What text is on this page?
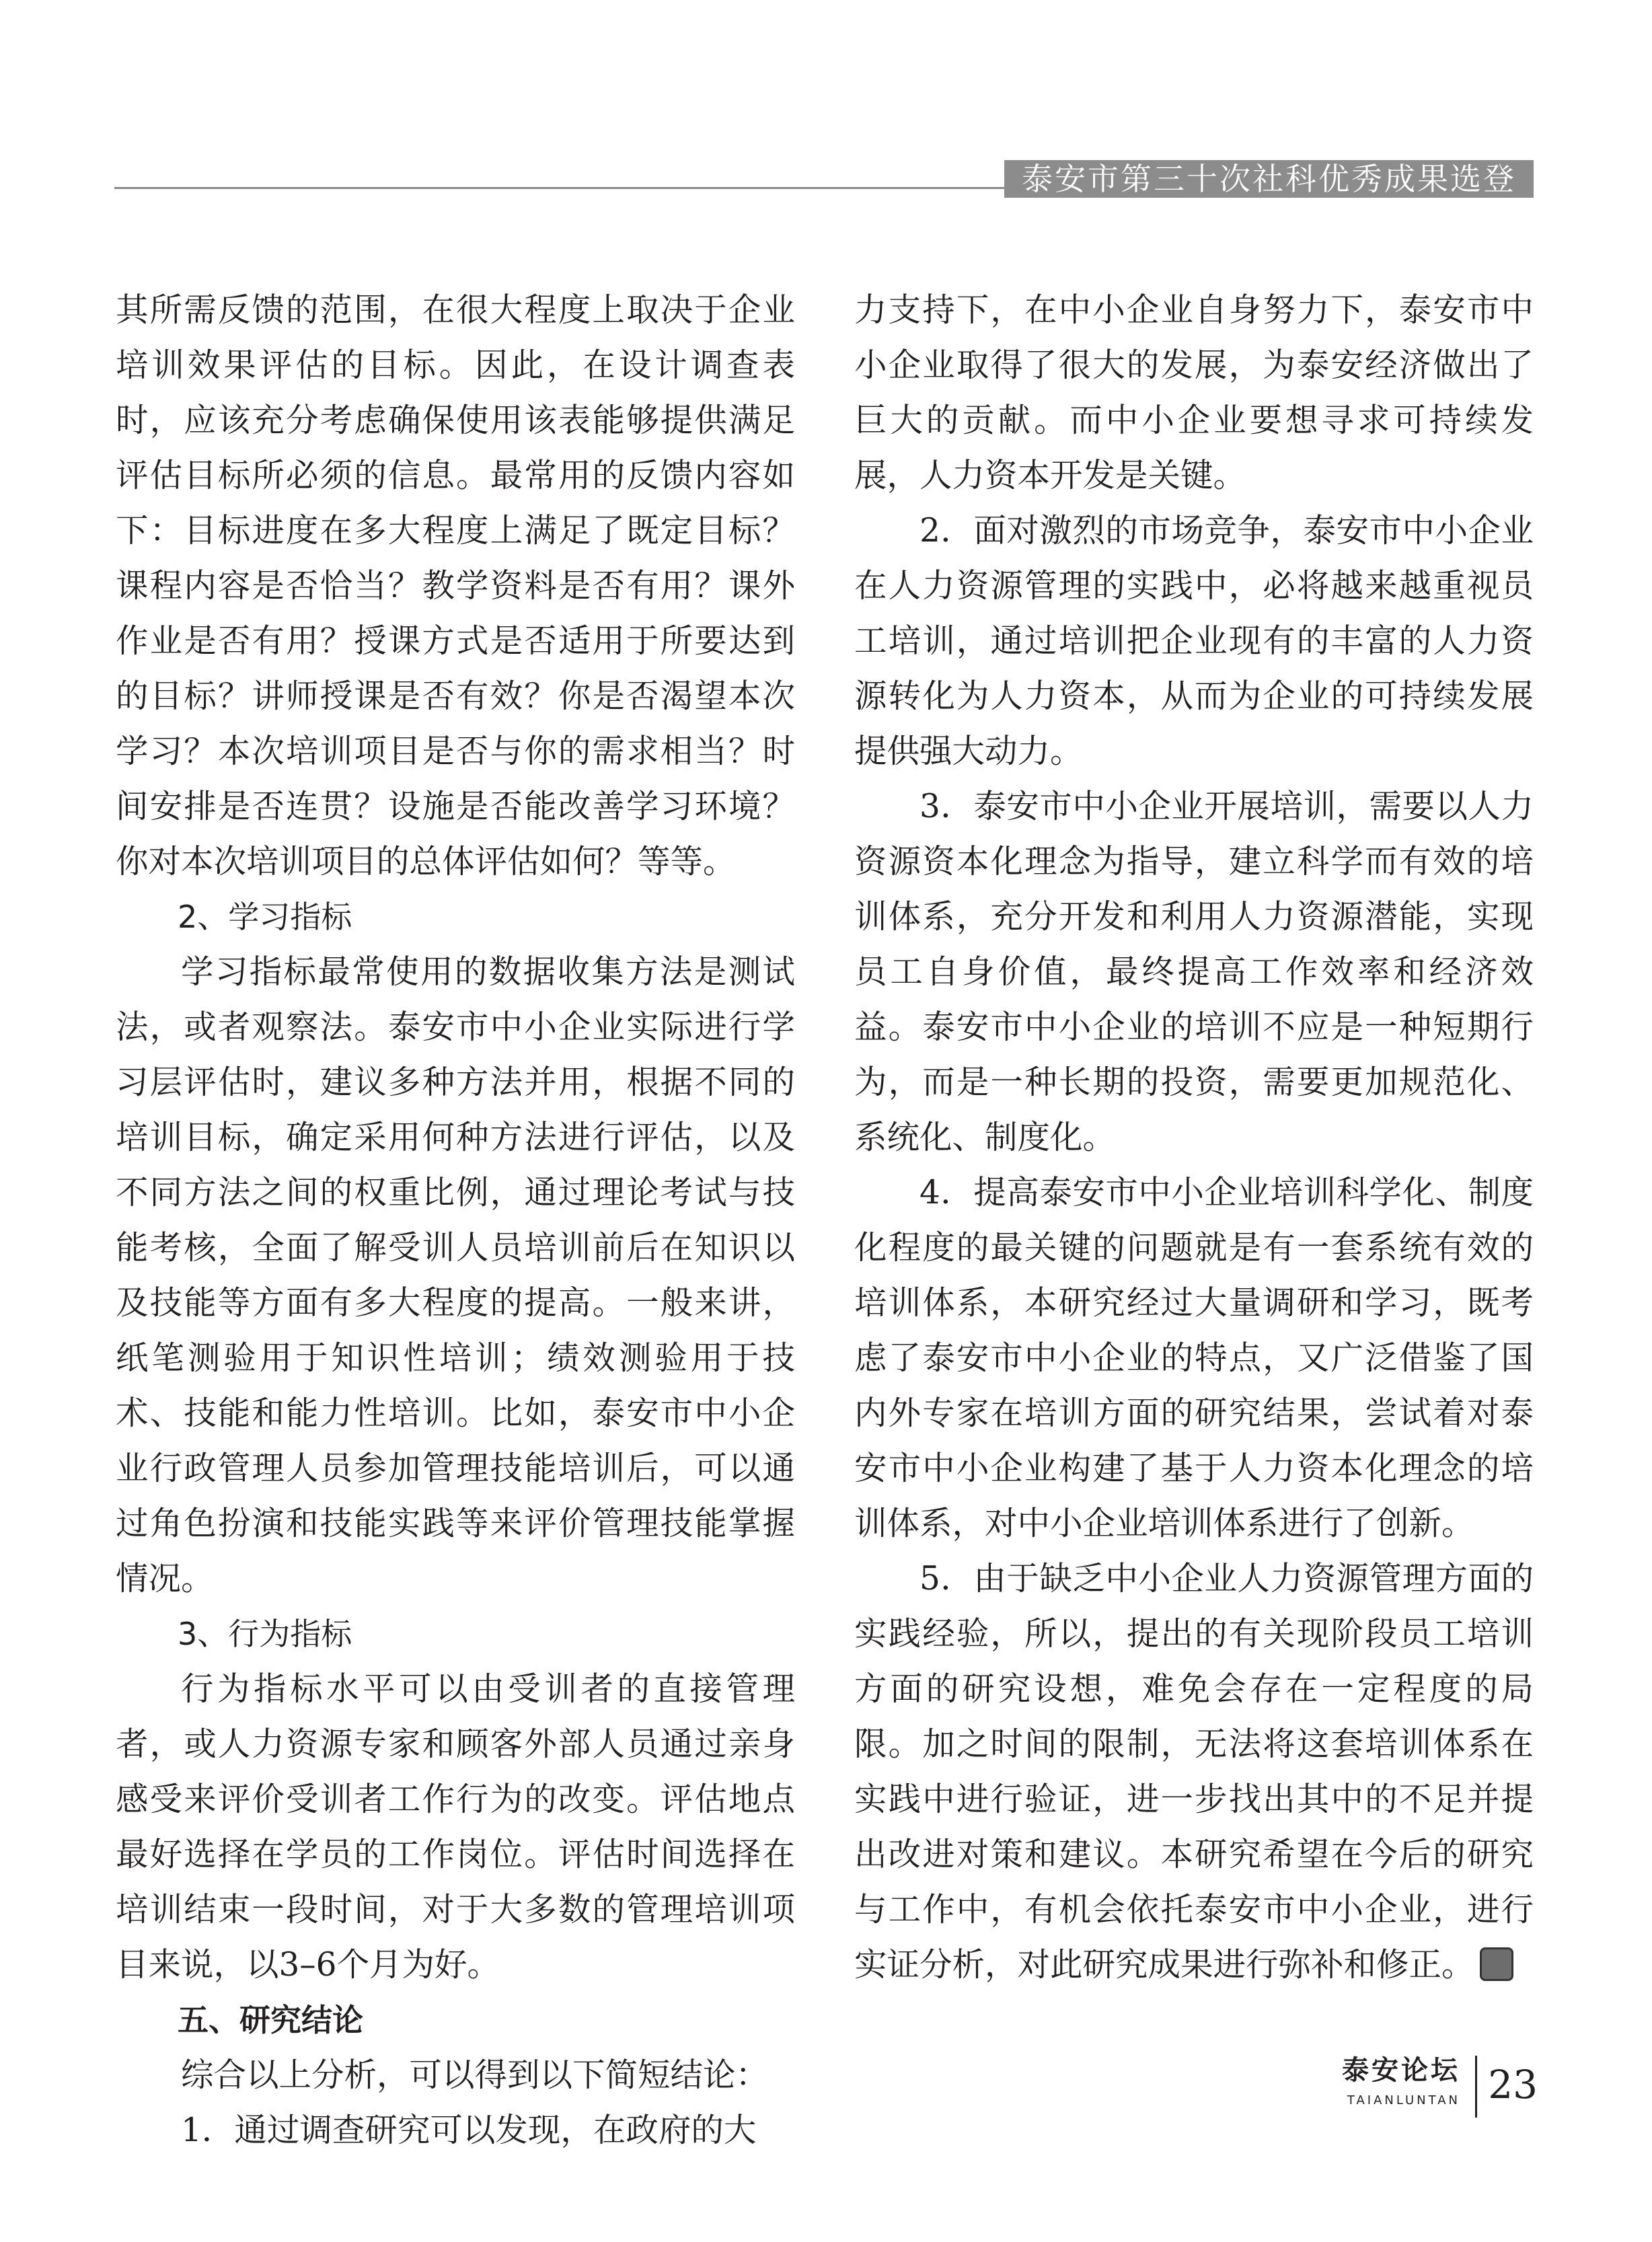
泰安市第三十次社科优秀成果选登

其所需反馈的范围，在很大程度上取决于企业培训效果评估的目标。因此，在设计调查表时，应该充分考虑确保使用该表能够提供满足评估目标所必须的信息。最常用的反馈内容如下：目标进度在多大程度上满足了既定目标？课程内容是否恰当？教学资料是否有用？课外作业是否有用？授课方式是否适用于所要达到的目标？讲师授课是否有效？你是否渴望本次学习？本次培训项目是否与你的需求相当？时间安排是否连贯？设施是否能改善学习环境？你对本次培训项目的总体评估如何？等等。

2、学习指标

学习指标最常使用的数据收集方法是测试法，或者观察法。泰安市中小企业实际进行学习层评估时，建议多种方法并用，根据不同的培训目标，确定采用何种方法进行评估，以及不同方法之间的权重比例，通过理论考试与技能考核，全面了解受训人员培训前后在知识以及技能等方面有多大程度的提高。一般来讲，纸笔测验用于知识性培训；绩效测验用于技术、技能和能力性培训。比如，泰安市中小企业行政管理人员参加管理技能培训后，可以通过角色扮演和技能实践等来评价管理技能掌握情况。

3、行为指标

行为指标水平可以由受训者的直接管理者，或人力资源专家和顾客外部人员通过亲身感受来评价受训者工作行为的改变。评估地点最好选择在学员的工作岗位。评估时间选择在培训结束一段时间，对于大多数的管理培训项目来说，以3–6个月为好。

五、研究结论

综合以上分析，可以得到以下简短结论：

1．通过调查研究可以发现，在政府的大

力支持下，在中小企业自身努力下，泰安市中小企业取得了很大的发展，为泰安经济做出了巨大的贡献。而中小企业要想寻求可持续发展，人力资本开发是关键。

2．面对激烈的市场竞争，泰安市中小企业在人力资源管理的实践中，必将越来越重视员工培训，通过培训把企业现有的丰富的人力资源转化为人力资本，从而为企业的可持续发展提供强大动力。

3．泰安市中小企业开展培训，需要以人力资源资本化理念为指导，建立科学而有效的培训体系，充分开发和利用人力资源潜能，实现员工自身价值，最终提高工作效率和经济效益。泰安市中小企业的培训不应是一种短期行为，而是一种长期的投资，需要更加规范化、系统化、制度化。

4．提高泰安市中小企业培训科学化、制度化程度的最关键的问题就是有一套系统有效的培训体系，本研究经过大量调研和学习，既考虑了泰安市中小企业的特点，又广泛借鉴了国内外专家在培训方面的研究结果，尝试着对泰安市中小企业构建了基于人力资本化理念的培训体系，对中小企业培训体系进行了创新。

5．由于缺乏中小企业人力资源管理方面的实践经验，所以，提出的有关现阶段员工培训方面的研究设想，难免会存在一定程度的局限。加之时间的限制，无法将这套培训体系在实践中进行验证，进一步找出其中的不足并提出改进对策和建议。本研究希望在今后的研究与工作中，有机会依托泰安市中小企业，进行实证分析，对此研究成果进行弥补和修正。

泰安论坛
TAIANLUNTAN 23
